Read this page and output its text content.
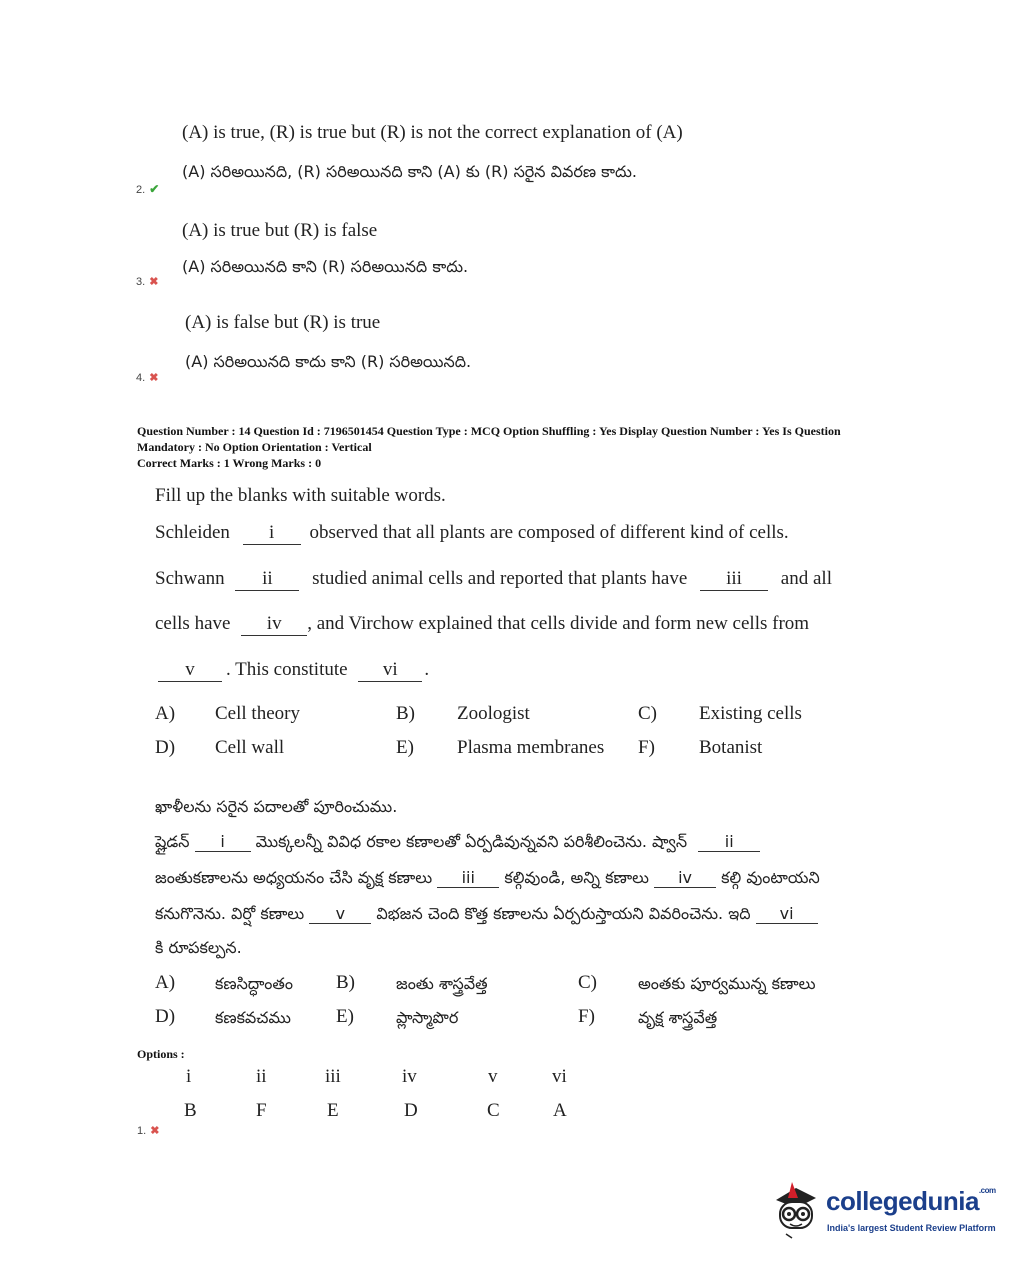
(A) is true, (R) is true but (R) is not the correct explanation of (A)
(A) సరిఅయినది, (R) సరిఅయినది కాని (A) కు (R) సరైన వివరణ కాదు.
2. ✔
(A) is true but (R) is false
(A) సరిఅయినది కాని (R) సరిఅయినది కాదు.
3. ✖
(A) is false but (R) is true
(A) సరిఅయినది కాదు కాని (R) సరిఅయినది.
4. ✖
Question Number : 14 Question Id : 7196501454 Question Type : MCQ Option Shuffling : Yes Display Question Number : Yes Is Question
Mandatory : No Option Orientation : Vertical
Correct Marks : 1 Wrong Marks : 0
Fill up the blanks with suitable words.
Schleiden i observed that all plants are composed of different kind of cells.
Schwann ii studied animal cells and reported that plants have iii and all
cells have iv , and Virchow explained that cells divide and form new cells from
v . This constitute vi .
A) Cell theory	B) Zoologist	C) Existing cells
D) Cell wall	E) Plasma membranes F) Botanist
ఖాళీలను సరైన పదాలతో పూరించుము.
ష్లైడన్ i మొక్కలన్నీ వివిధ రకాల కణాలతో ఏర్పడివున్నవని పరిశీలించెను. ష్వాన్ ii
జంతుకణాలను అధ్యయనం చేసి వృక్ష కణాలు iii కల్గివుండి, అన్ని కణాలు iv కల్గి వుంటాయని
కనుగొనెను. విర్షో కణాలు v విభజన చెంది కొత్త కణాలను ఏర్పరుస్తాయని వివరించెను. ఇది vi
కి రూపకల్పన.
A) కణసిద్ధాంతం B)	జంతు శాస్త్రవేత్త	C)	అంతకు పూర్వమున్న కణాలు
D) కణకవచము E)	ప్లాస్మాపొర	F)	వృక్ష శాస్త్రవేత్త
Options :
i	ii	iii	iv	v	vi
B	F	E	D	C	A
1. ✖
collegedunia$^{.com}$
India's largest Student Review Platform
